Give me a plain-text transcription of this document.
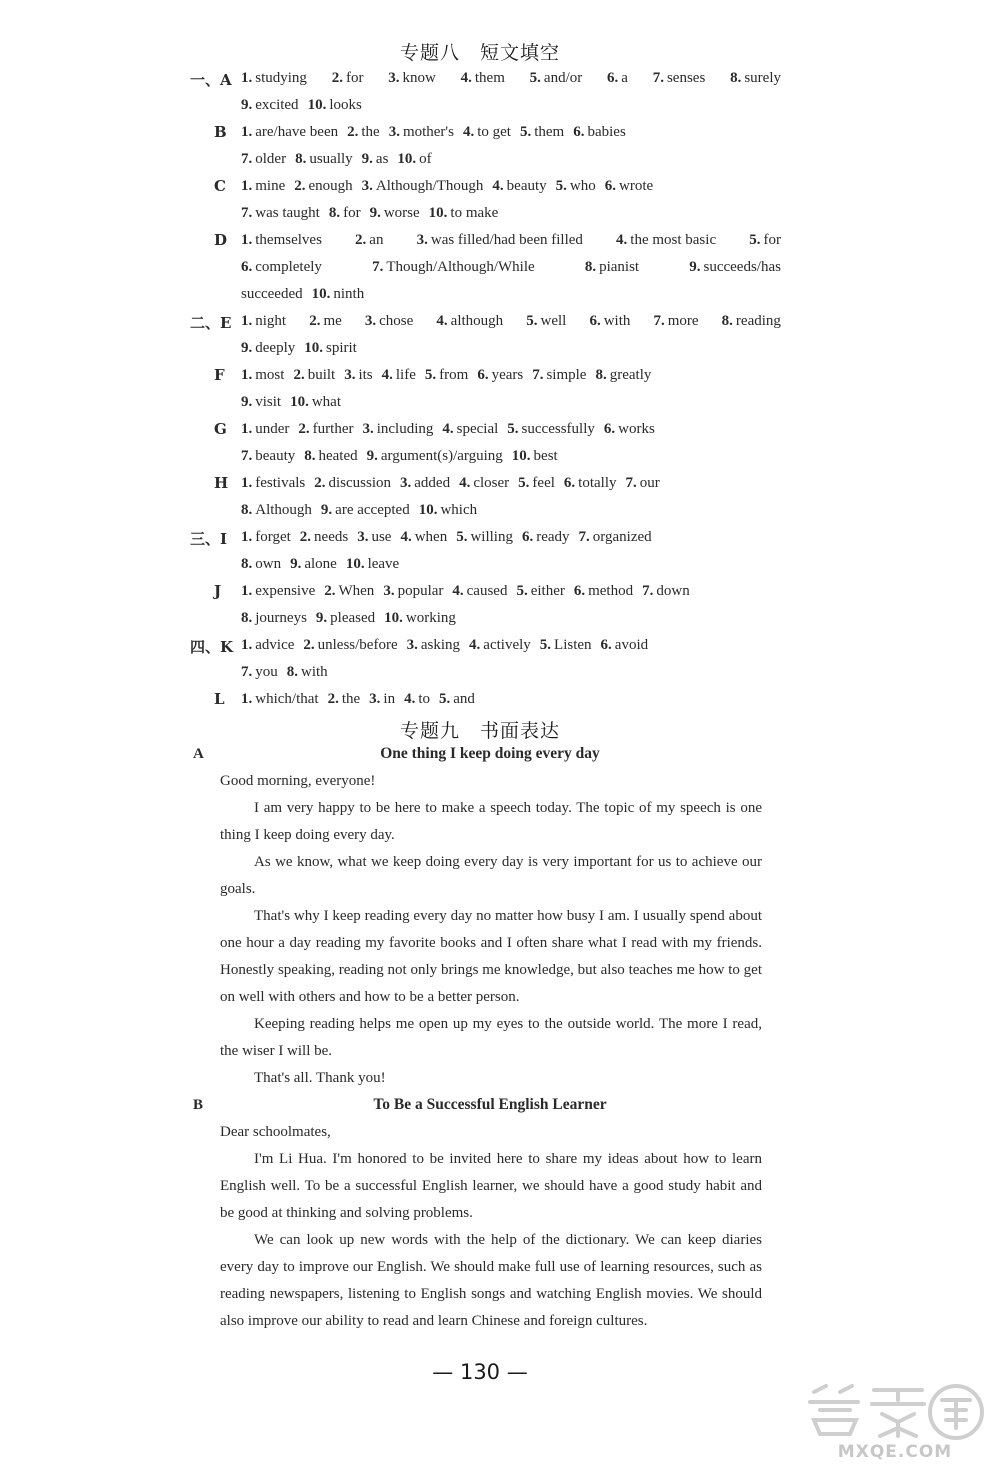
专题八　短文填空
一、A 1. studying 2. for 3. know 4. them 5. and/or 6. a 7. senses 8. surely
9. excited 10. looks
B 1. are/have been 2. the 3. mother's 4. to get 5. them 6. babies
7. older 8. usually 9. as 10. of
C 1. mine 2. enough 3. Although/Though 4. beauty 5. who 6. wrote
7. was taught 8. for 9. worse 10. to make
D 1. themselves 2. an 3. was filled/had been filled 4. the most basic 5. for
6. completely	7. Though/Although/While	8. pianist	9. succeeds/has
succeeded 10. ninth
二、E 1. night 2. me 3. chose 4. although 5. well 6. with 7. more 8. reading
9. deeply 10. spirit
F 1. most 2. built 3. its 4. life 5. from 6. years 7. simple 8. greatly
9. visit 10. what
G 1. under 2. further 3. including 4. special 5. successfully 6. works
7. beauty 8. heated 9. argument(s)/arguing 10. best
H 1. festivals 2. discussion 3. added 4. closer 5. feel 6. totally 7. our
8. Although 9. are accepted 10. which
三、I 1. forget 2. needs 3. use 4. when 5. willing 6. ready 7. organized
8. own 9. alone 10. leave
J 1. expensive 2. When 3. popular 4. caused 5. either 6. method 7. down
8. journeys 9. pleased 10. working
四、K 1. advice 2. unless/before 3. asking 4. actively 5. Listen 6. avoid
7. you 8. with
L 1. which/that 2. the 3. in 4. to 5. and
专题九　书面表达
A	One thing I keep doing every day

Good morning, everyone!

I am very happy to be here to make a speech today. The topic of my speech is one thing I keep doing every day.

As we know, what we keep doing every day is very important for us to achieve our goals.

That's why I keep reading every day no matter how busy I am. I usually spend about one hour a day reading my favorite books and I often share what I read with my friends. Honestly speaking, reading not only brings me knowledge, but also teaches me how to get on well with others and how to be a better person.

Keeping reading helps me open up my eyes to the outside world. The more I read, the wiser I will be.

That's all. Thank you!

B	To Be a Successful English Learner

Dear schoolmates,

I'm Li Hua. I'm honored to be invited here to share my ideas about how to learn English well. To be a successful English learner, we should have a good study habit and be good at thinking and solving problems.

We can look up new words with the help of the dictionary. We can keep diaries every day to improve our English. We should make full use of learning resources, such as reading newspapers, listening to English songs and watching English movies. We should also improve our ability to read and learn Chinese and foreign cultures.

— 130 —
MXQE.COM
